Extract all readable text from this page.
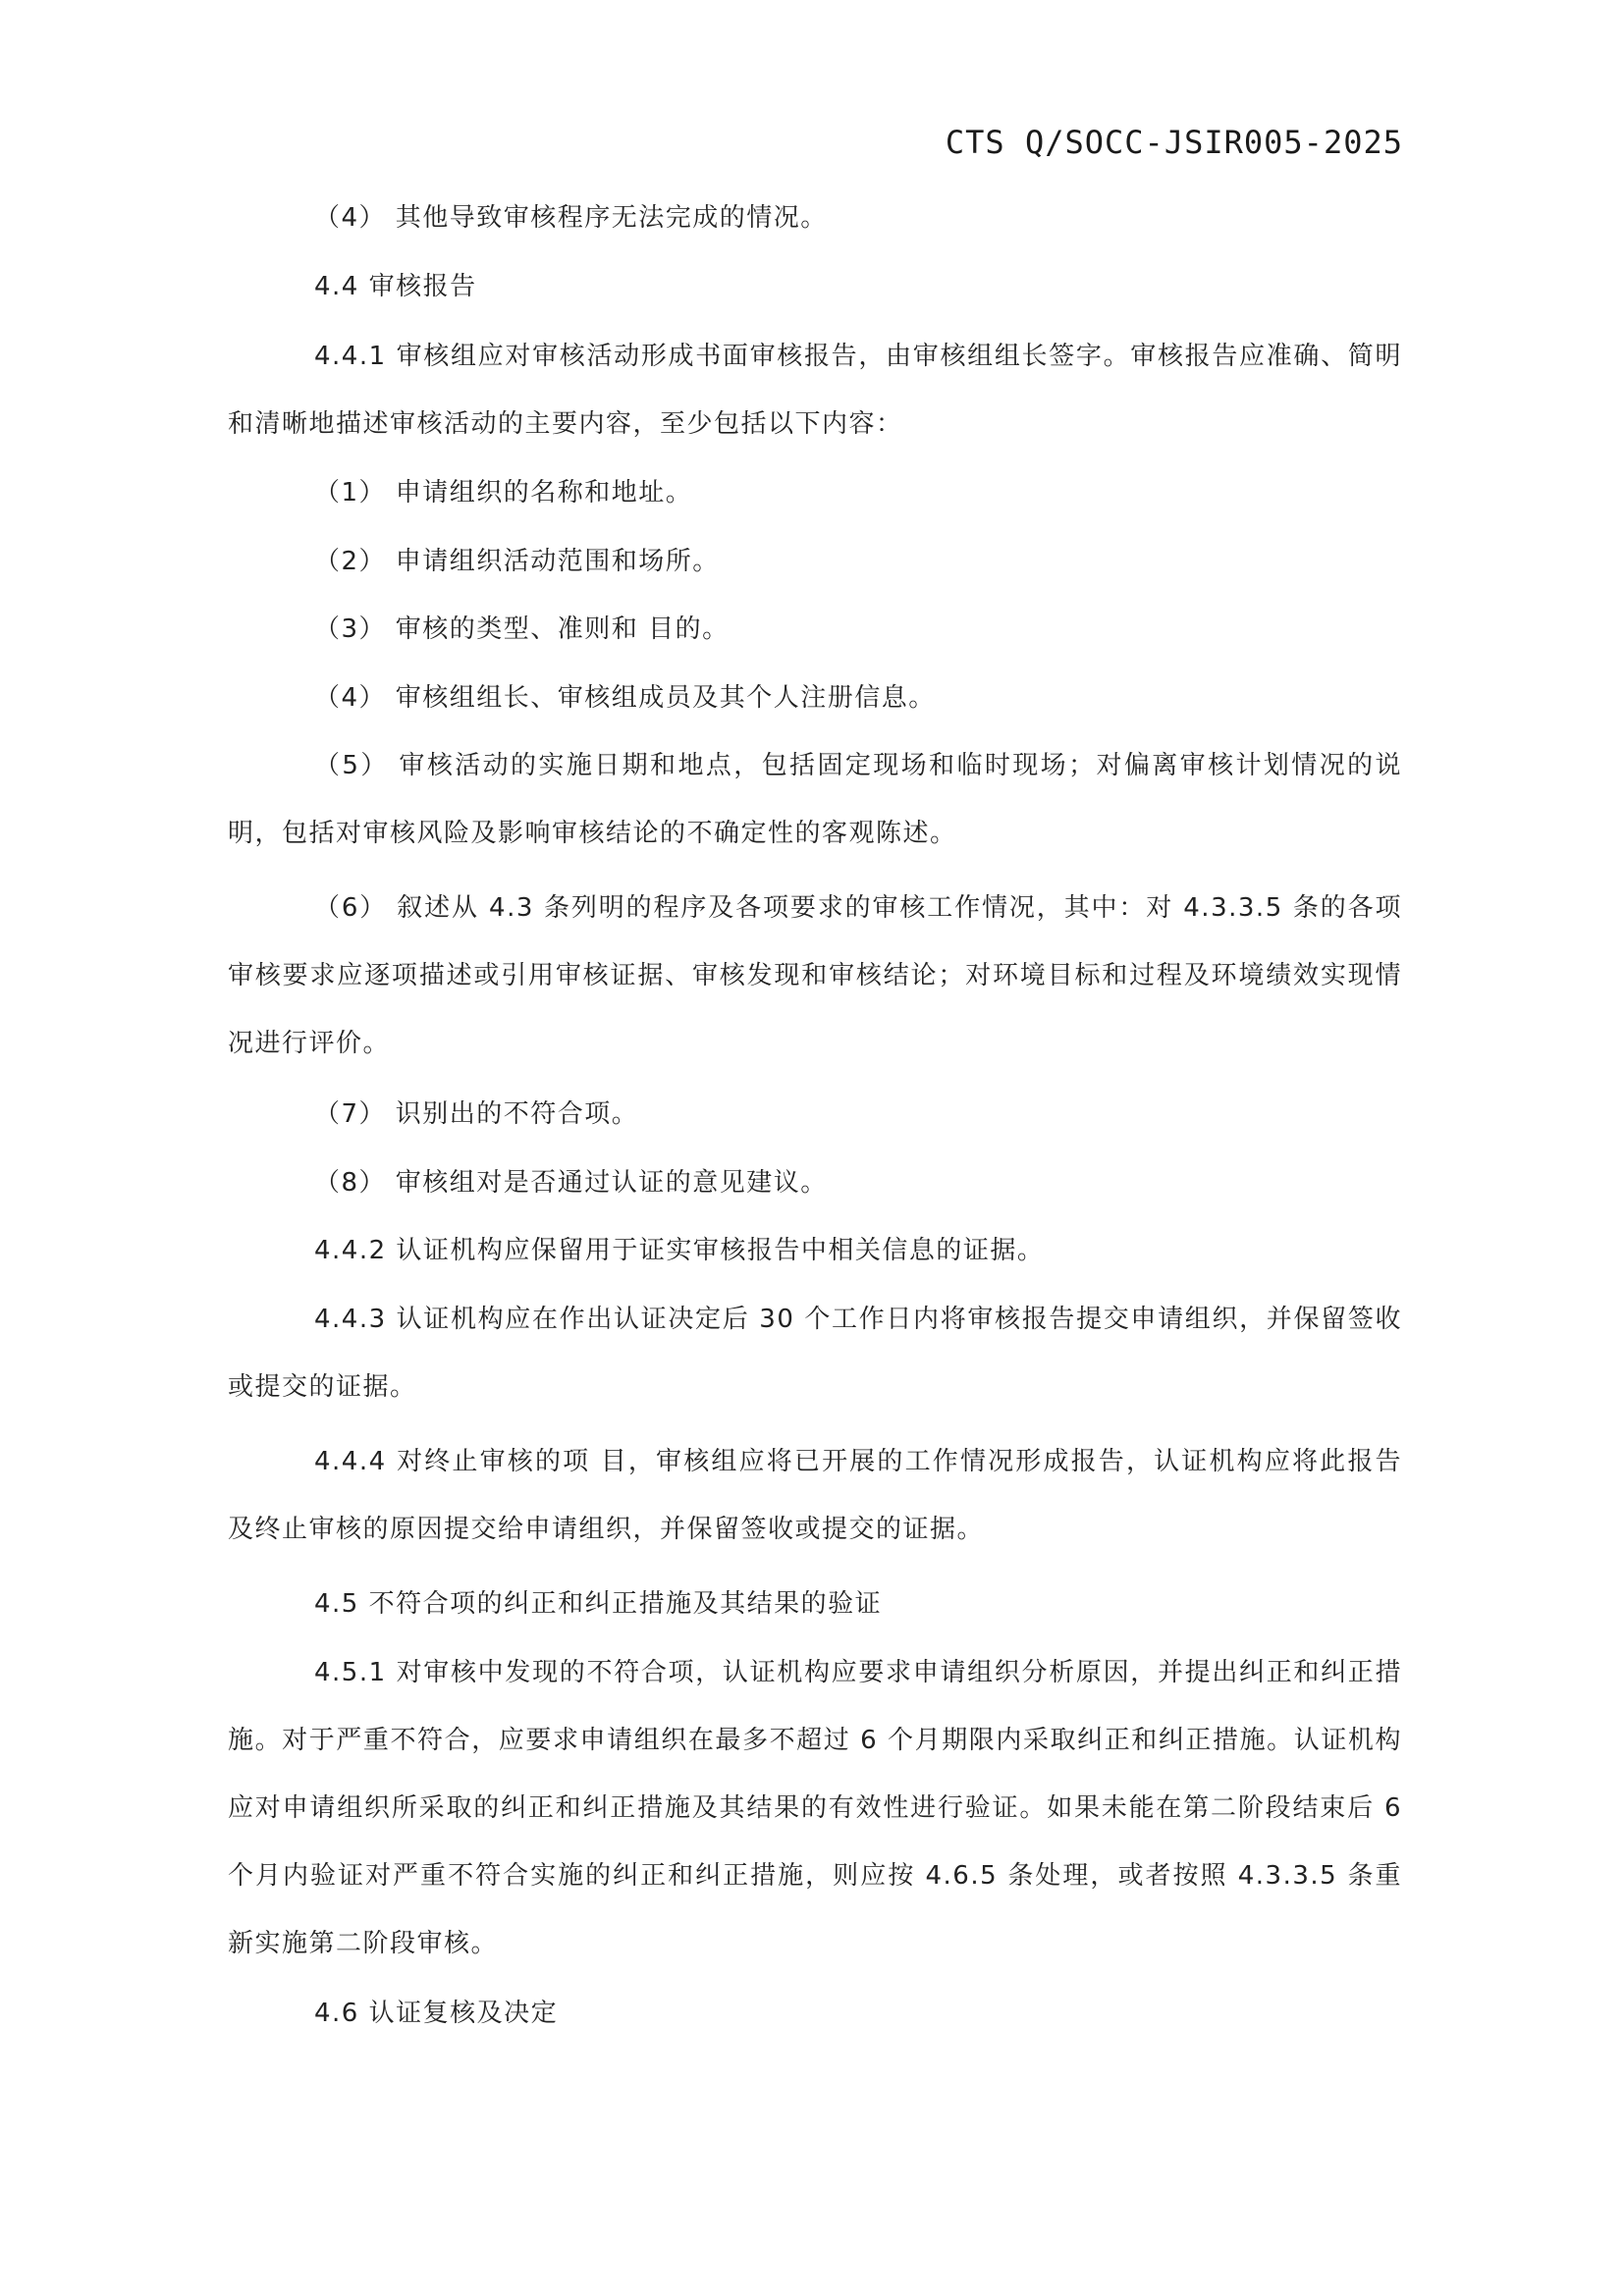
CTS Q/SOCC-JSIR005-2025
（4） 其他导致审核程序无法完成的情况。
4.4 审核报告
4.4.1 审核组应对审核活动形成书面审核报告，由审核组组长签字。审核报告应准确、简明和清晰地描述审核活动的主要内容，至少包括以下内容：
（1） 申请组织的名称和地址。
（2） 申请组织活动范围和场所。
（3） 审核的类型、准则和 目的。
（4） 审核组组长、审核组成员及其个人注册信息。
（5） 审核活动的实施日期和地点，包括固定现场和临时现场；对偏离审核计划情况的说明，包括对审核风险及影响审核结论的不确定性的客观陈述。
（6） 叙述从 4.3 条列明的程序及各项要求的审核工作情况，其中：对 4.3.3.5 条的各项审核要求应逐项描述或引用审核证据、审核发现和审核结论；对环境目标和过程及环境绩效实现情况进行评价。
（7） 识别出的不符合项。
（8） 审核组对是否通过认证的意见建议。
4.4.2 认证机构应保留用于证实审核报告中相关信息的证据。
4.4.3 认证机构应在作出认证决定后 30 个工作日内将审核报告提交申请组织，并保留签收或提交的证据。
4.4.4 对终止审核的项 目，审核组应将已开展的工作情况形成报告，认证机构应将此报告及终止审核的原因提交给申请组织，并保留签收或提交的证据。
4.5 不符合项的纠正和纠正措施及其结果的验证
4.5.1 对审核中发现的不符合项，认证机构应要求申请组织分析原因，并提出纠正和纠正措施。对于严重不符合，应要求申请组织在最多不超过 6 个月期限内采取纠正和纠正措施。认证机构应对申请组织所采取的纠正和纠正措施及其结果的有效性进行验证。如果未能在第二阶段结束后 6 个月内验证对严重不符合实施的纠正和纠正措施，则应按 4.6.5 条处理，或者按照 4.3.3.5 条重新实施第二阶段审核。
4.6 认证复核及决定
